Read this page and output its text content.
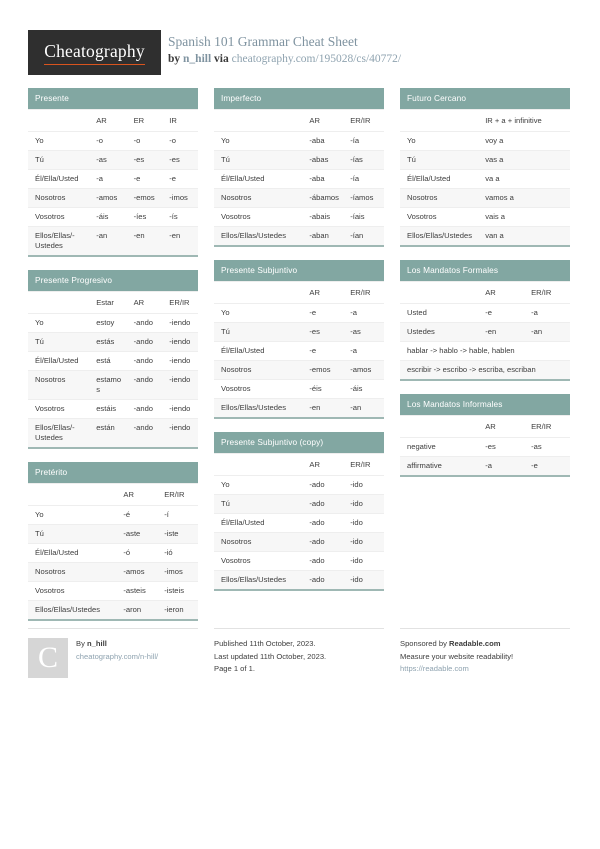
Cheatography Spanish 101 Grammar Cheat Sheet
by n_hill via cheatography.com/195028/cs/40772/
Presente
	AR	ER	IR
Yo	-o	-o	-o
Tú	-as	-es	-es
Él/Ella/Usted	-a	-e	-e
Nosotros	-amos	-emos	-imos
Vosotros	-áis	-íes	-ís
Ellos/Ellas/-Ustedes	-an	-en	-en
Presente Progresivo
	Estar	AR	ER/IR
Yo	estoy	-ando	-iendo
Tú	estás	-ando	-iendo
Él/Ella/Usted	está	-ando	-iendo
Nosotros	estamos	-ando	-iendo
Vosotros	estáis	-ando	-iendo
Ellos/Ellas/-Ustedes	están	-ando	-iendo
Pretérito
	AR	ER/IR
Yo	-é	-í
Tú	-aste	-iste
Él/Ella/Usted	-ó	-ió
Nosotros	-amos	-imos
Vosotros	-asteis	-isteis
Ellos/Ellas/Ustedes	-aron	-ieron
Imperfecto
	AR	ER/IR
Yo	-aba	-ía
Tú	-abas	-ías
Él/Ella/Usted	-aba	-ía
Nosotros	-ábamos	-íamos
Vosotros	-abais	-íais
Ellos/Ellas/Ustedes	-aban	-ían
Presente Subjuntivo
	AR	ER/IR
Yo	-e	-a
Tú	-es	-as
Él/Ella/Usted	-e	-a
Nosotros	-emos	-amos
Vosotros	-éis	-áis
Ellos/Ellas/Ustedes	-en	-an
Presente Subjuntivo (copy)
	AR	ER/IR
Yo	-ado	-ido
Tú	-ado	-ido
Él/Ella/Usted	-ado	-ido
Nosotros	-ado	-ido
Vosotros	-ado	-ido
Ellos/Ellas/Ustedes	-ado	-ido
Futuro Cercano
	IR + a + infinitive
Yo	voy a
Tú	vas a
Él/Ella/Usted	va a
Nosotros	vamos a
Vosotros	vais a
Ellos/Ellas/Ustedes	van a
Los Mandatos Formales
	AR	ER/IR
Usted	-e	-a
Ustedes	-en	-an
hablar -> hablo -> hable, hablen		
escribir -> escribo -> escriba, escriban		
Los Mandatos Informales
	AR	ER/IR
negative	-es	-as
affirmative	-a	-e
C By n_hill
cheatography.com/n-hill/
Published 11th October, 2023.
Last updated 11th October, 2023.
Page 1 of 1.
Sponsored by Readable.com
Measure your website readability!
https://readable.com
